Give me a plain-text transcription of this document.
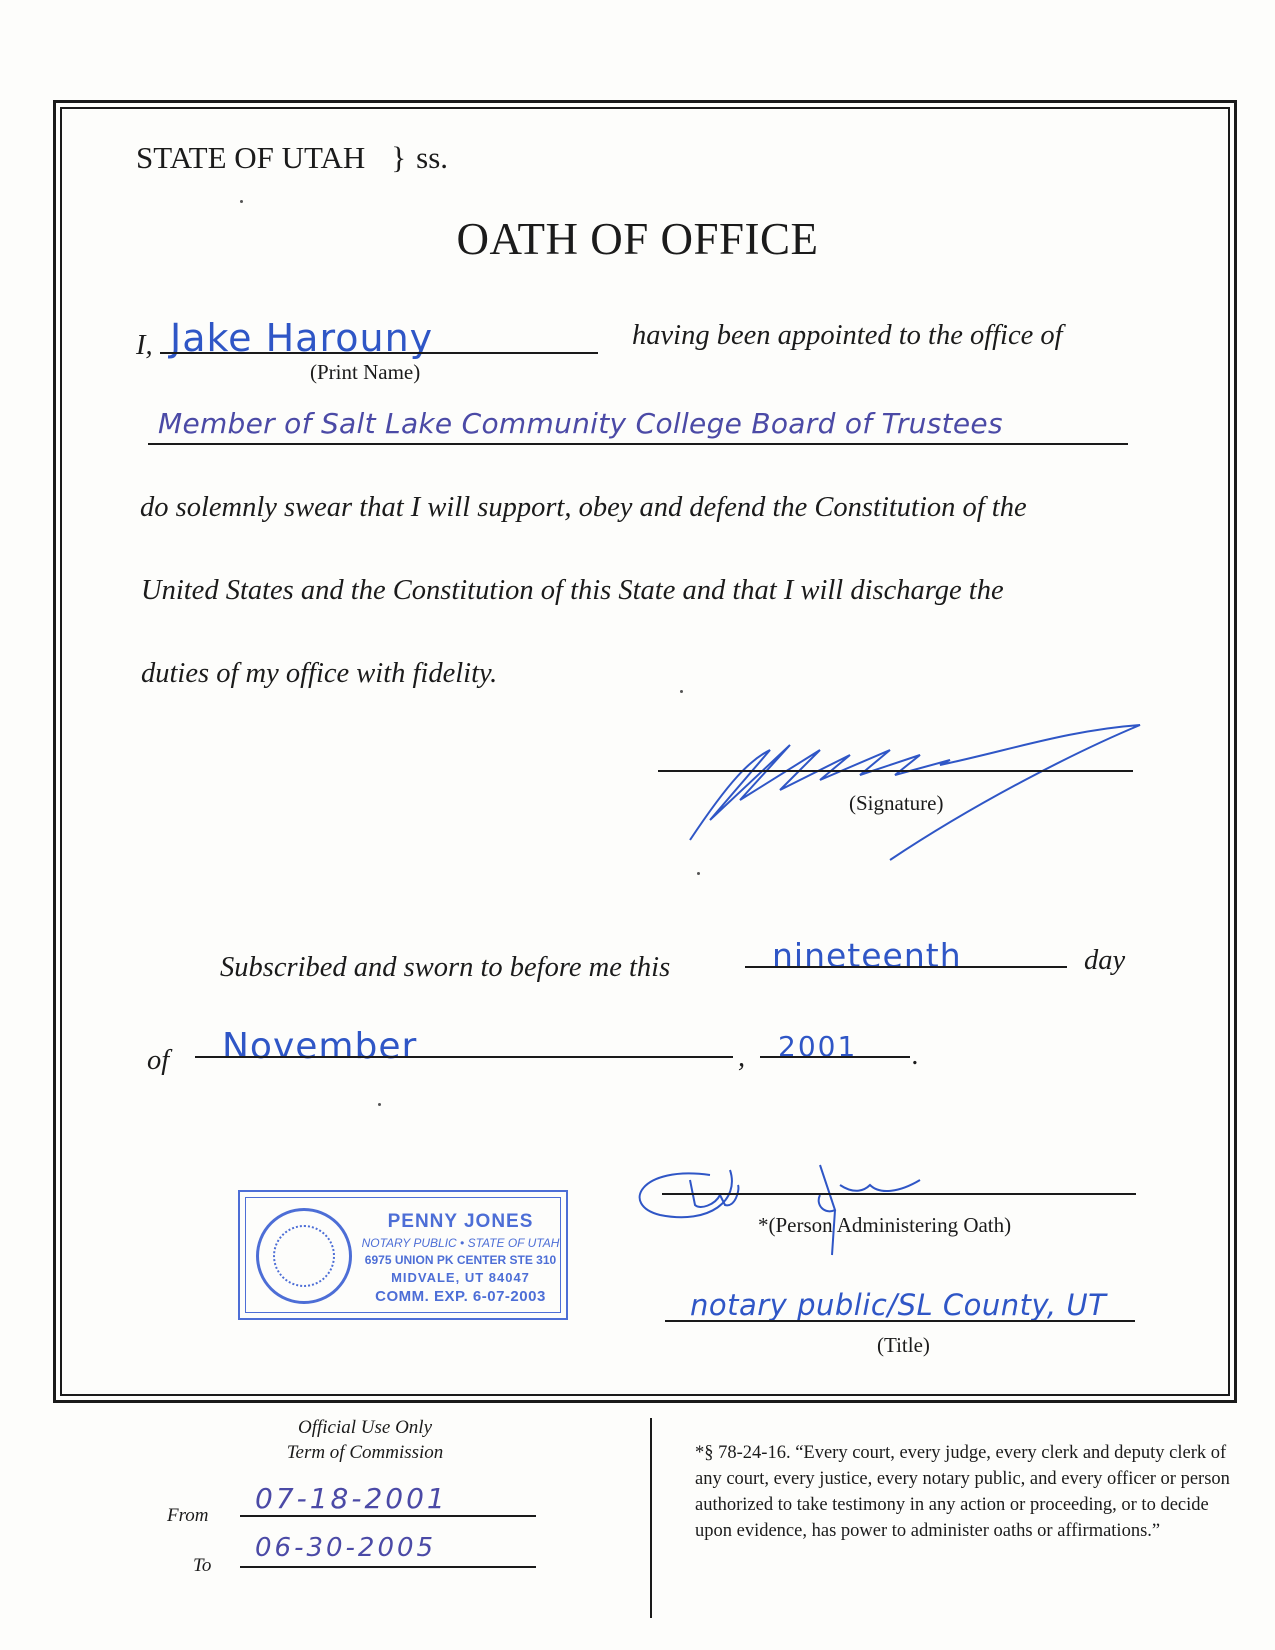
STATE OF UTAH } ss.
OATH OF OFFICE
I, Jake Harouny
(Print Name)
having been appointed to the office of
Member of Salt Lake Community College Board of Trustees
do solemnly swear that I will support, obey and defend the Constitution of the
United States and the Constitution of this State and that I will discharge the
duties of my office with fidelity.
(Signature)
Subscribed and sworn to before me this	nineteenth	day
of November	, 2001 .
PENNY JONES
NOTARY PUBLIC • STATE OF UTAH
6975 UNION PK CENTER STE 310
MIDVALE, UT 84047
COMM. EXP. 6-07-2003
*(Person Administering Oath)
notary public/SL County, UT
(Title)
Official Use Only
Term of Commission
From
07-18-2001
To
06-30-2005
*§ 78-24-16. “Every court, every judge, every clerk and deputy clerk of any court, every justice, every notary public, and every officer or person authorized to take testimony in any action or proceeding, or to decide upon evidence, has power to administer oaths or affirmations.”
